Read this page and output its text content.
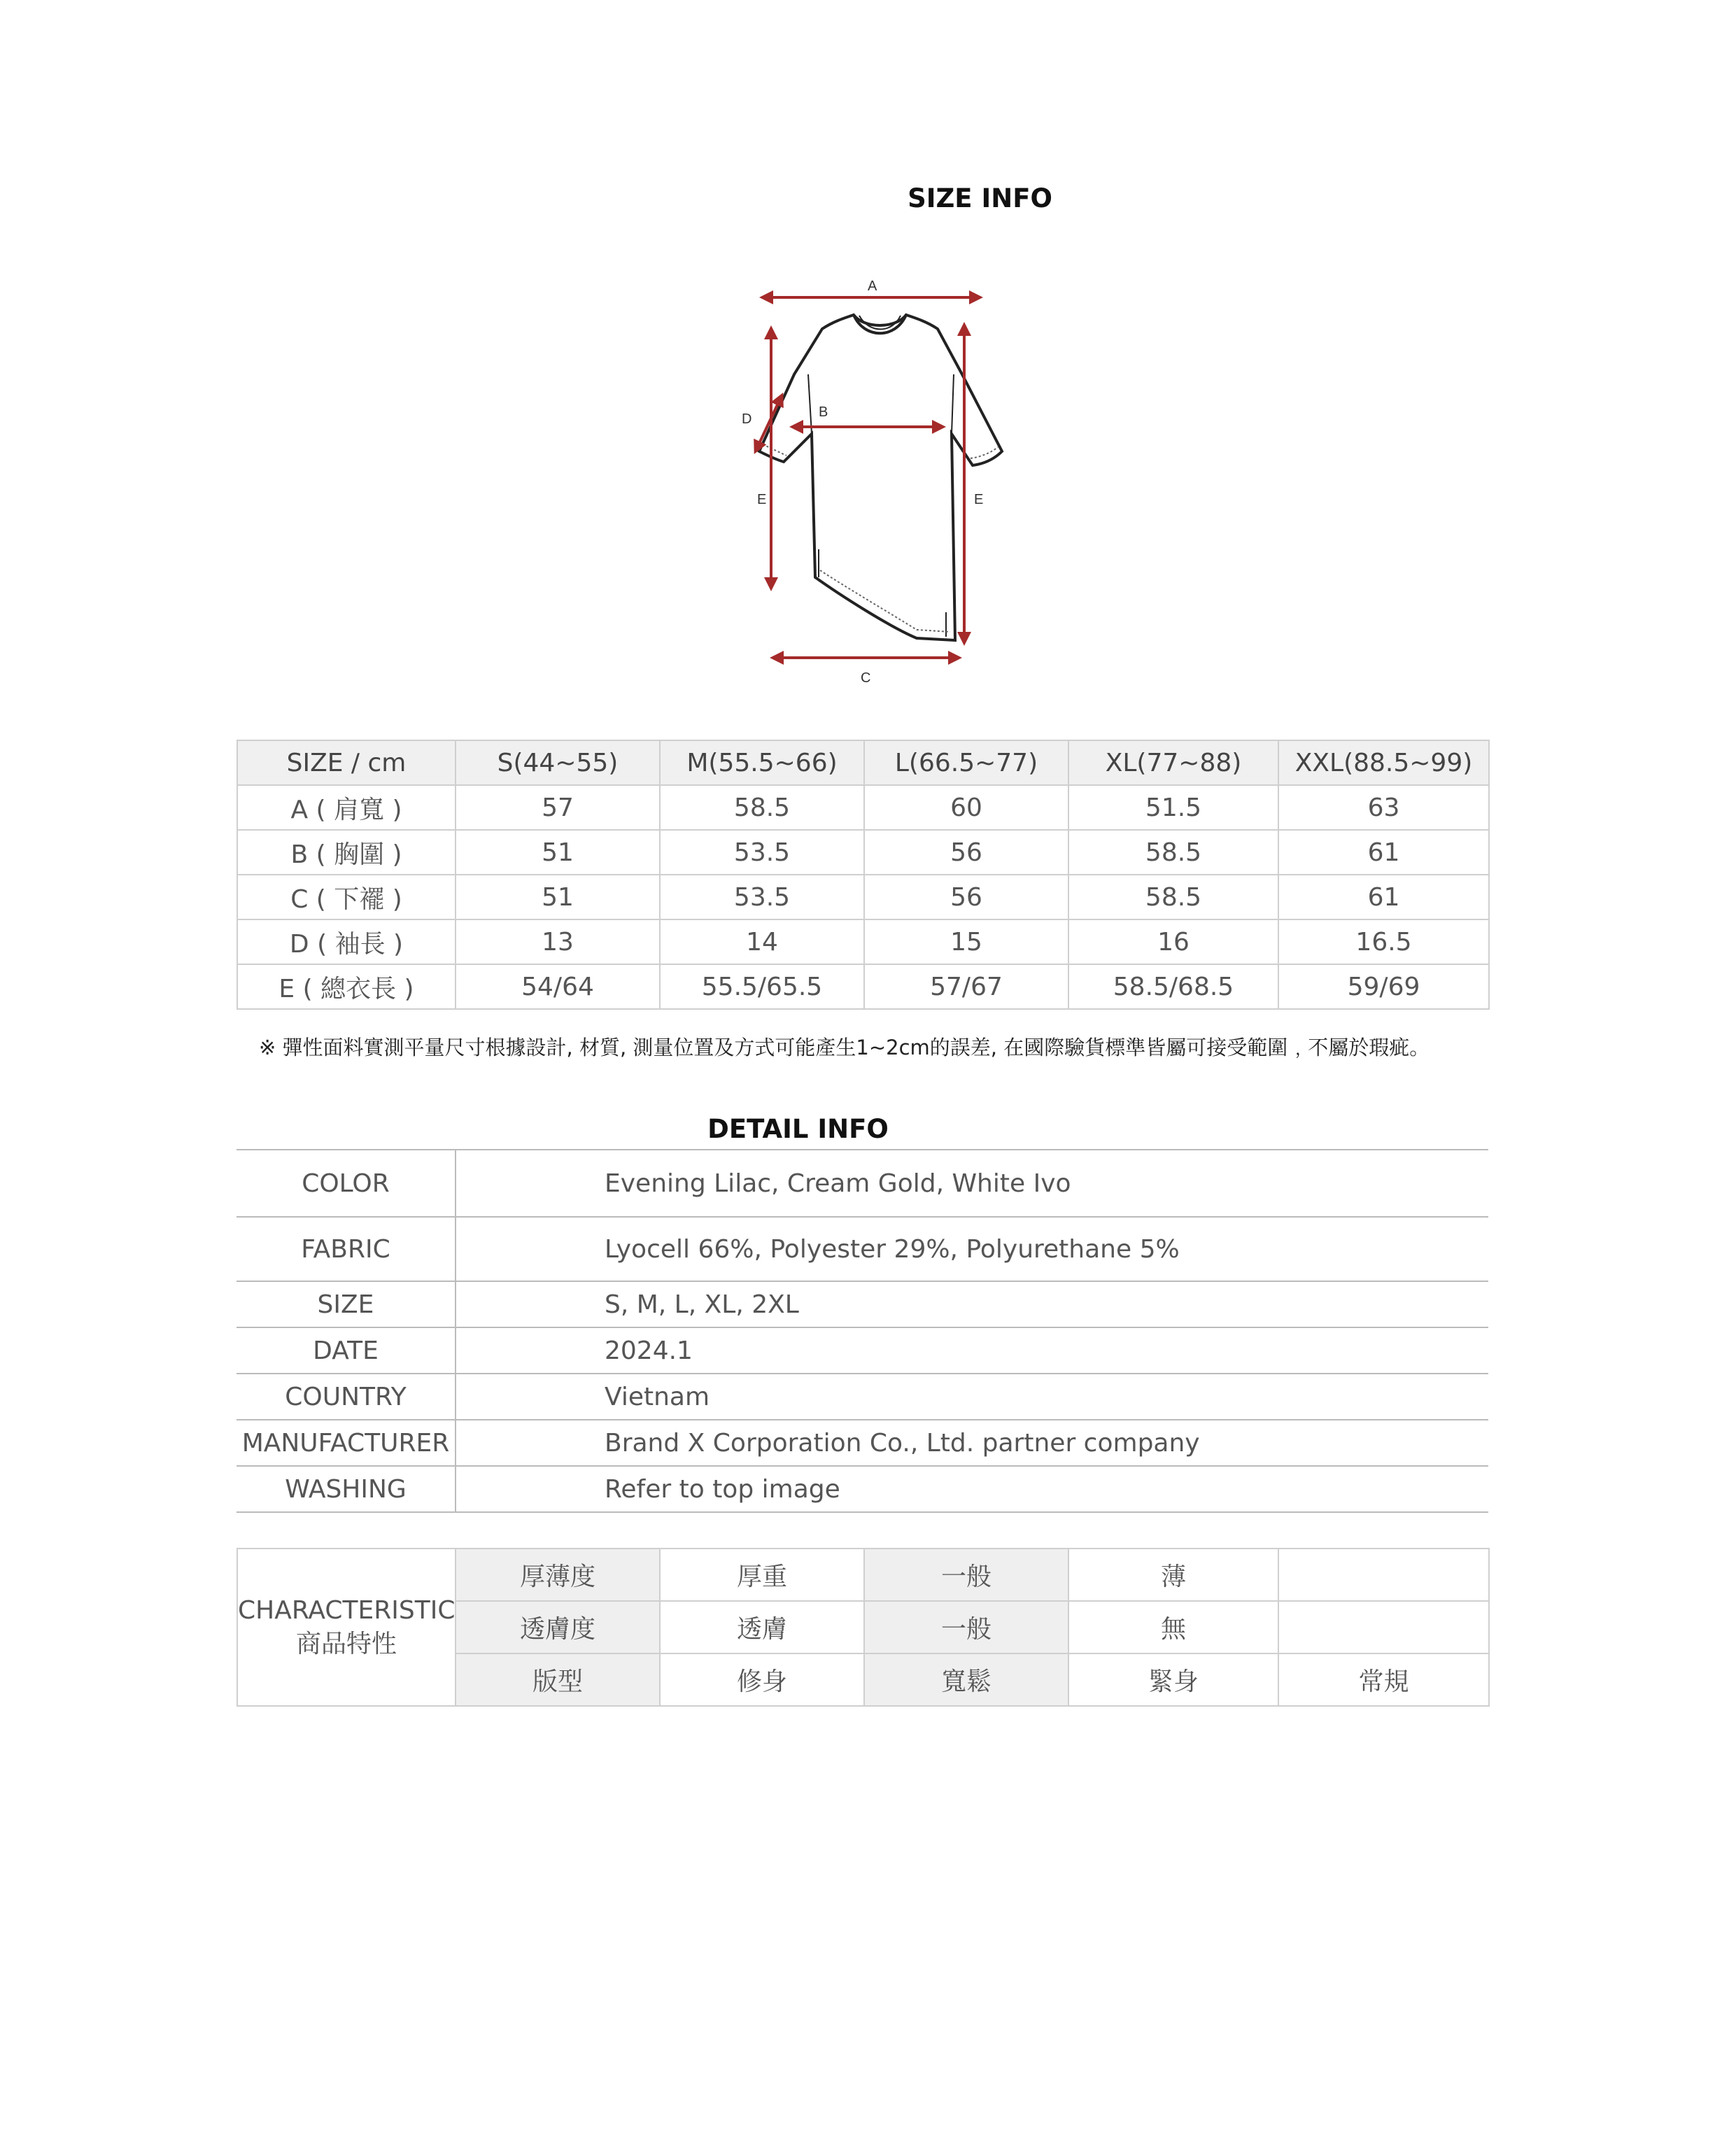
SIZE INFO
A
B
C
D
E	E
SIZE / cm	S(44~55)	M(55.5~66)	L(66.5~77)	XL(77~88)	XXL(88.5~99)
A ( 肩寬 )	57	58.5	60	51.5	63
B ( 胸圍 )	51	53.5	56	58.5	61
C ( 下襬 )	51	53.5	56	58.5	61
D ( 袖長 )	13	14	15	16	16.5
E ( 總衣長 )	54/64	55.5/65.5	57/67	58.5/68.5	59/69
※ 彈性面料實測平量尺寸根據設計, 材質, 測量位置及方式可能產生1~2cm的誤差, 在國際驗貨標準皆屬可接受範圍﹐不屬於瑕疵。
DETAIL INFO
COLOR	Evening Lilac, Cream Gold, White Ivo
FABRIC	Lyocell 66%, Polyester 29%, Polyurethane 5%
SIZE	S, M, L, XL, 2XL
DATE	2024.1
COUNTRY	Vietnam
MANUFACTURER	Brand X Corporation Co., Ltd. partner company
WASHING	Refer to top image
CHARACTERISTIC
商品特性	厚薄度	厚重	一般	薄	
	透膚度	透膚	一般	無	
	版型	修身	寬鬆	緊身	常規
